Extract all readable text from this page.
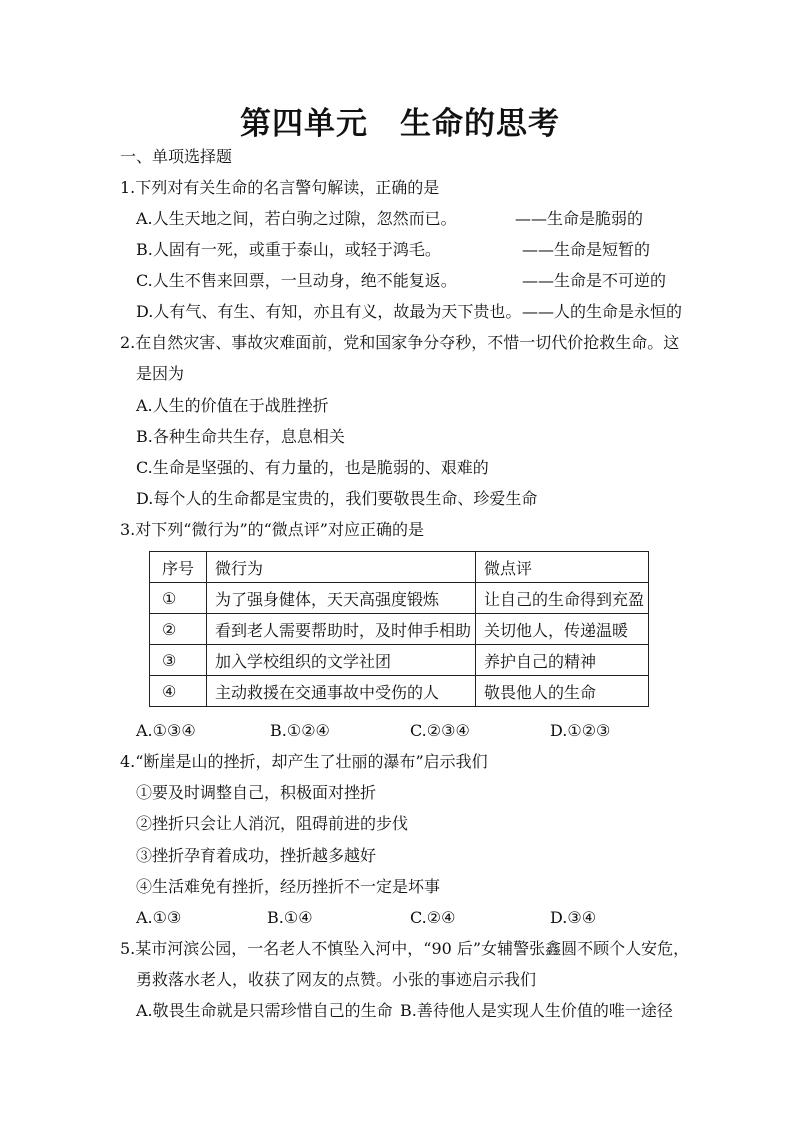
第四单元　生命的思考
一、单项选择题
1.下列对有关生命的名言警句解读，正确的是
A.人生天地之间，若白驹之过隙，忽然而已。	——生命是脆弱的
B.人固有一死，或重于泰山，或轻于鸿毛。	——生命是短暂的
C.人生不售来回票，一旦动身，绝不能复返。	——生命是不可逆的
D.人有气、有生、有知，亦且有义，故最为天下贵也。 ——人的生命是永恒的
2.在自然灾害、事故灾难面前，党和国家争分夺秒，不惜一切代价抢救生命。这
是因为
A.人生的价值在于战胜挫折
B.各种生命共生存，息息相关
C.生命是坚强的、有力量的，也是脆弱的、艰难的
D.每个人的生命都是宝贵的，我们要敬畏生命、珍爱生命
3.对下列“微行为”的“微点评”对应正确的是
序号	微行为	微点评
①	为了强身健体，天天高强度锻炼	让自己的生命得到充盈
②	看到老人需要帮助时，及时伸手相助	关切他人，传递温暖
③	加入学校组织的文学社团	养护自己的精神
④	主动救援在交通事故中受伤的人	敬畏他人的生命
A.①③④	B.①②④	C.②③④	D.①②③
4.“断崖是山的挫折，却产生了壮丽的瀑布”启示我们
①要及时调整自己，积极面对挫折
②挫折只会让人消沉，阻碍前进的步伐
③挫折孕育着成功，挫折越多越好
④生活难免有挫折，经历挫折不一定是坏事
A.①③	B.①④	C.②④	D.③④
5.某市河滨公园，一名老人不慎坠入河中，“90 后”女辅警张鑫圆不顾个人安危，
勇救落水老人，收获了网友的点赞。小张的事迹启示我们
A.敬畏生命就是只需珍惜自己的生命 B.善待他人是实现人生价值的唯一途径
